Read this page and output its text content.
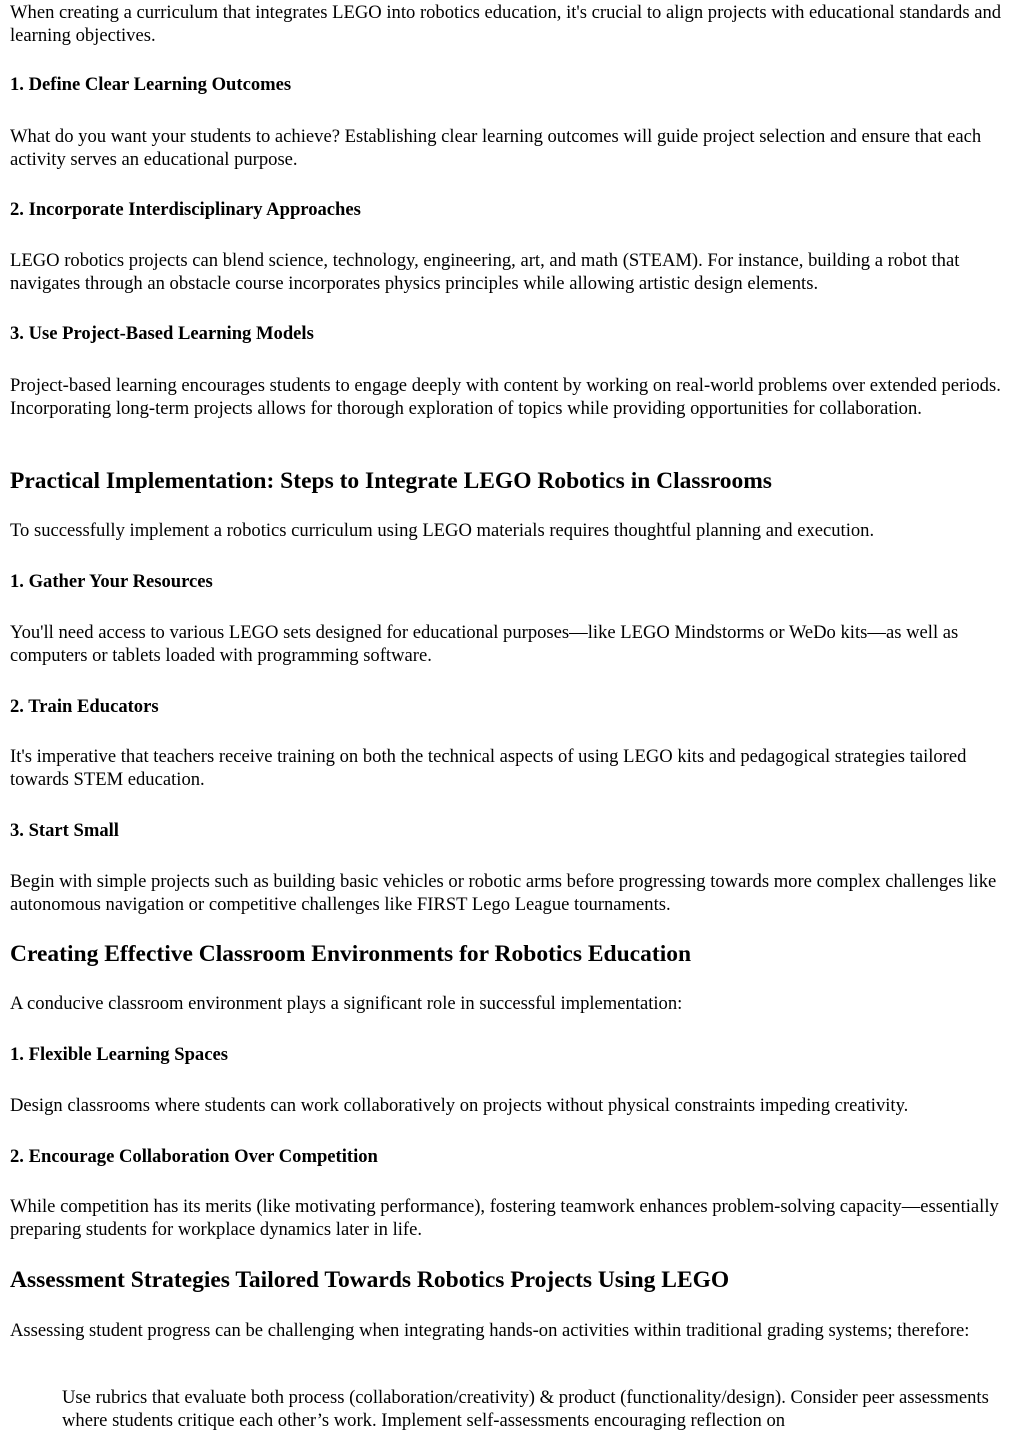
When creating a curriculum that integrates LEGO into robotics education, it's crucial to align projects with educational standards and learning objectives.

1. Define Clear Learning Outcomes

What do you want your students to achieve? Establishing clear learning outcomes will guide project selection and ensure that each activity serves an educational purpose.

2. Incorporate Interdisciplinary Approaches

LEGO robotics projects can blend science, technology, engineering, art, and math (STEAM). For instance, building a robot that navigates through an obstacle course incorporates physics principles while allowing artistic design elements.

3. Use Project-Based Learning Models

Project-based learning encourages students to engage deeply with content by working on real-world problems over extended periods. Incorporating long-term projects allows for thorough exploration of topics while providing opportunities for collaboration.

Practical Implementation: Steps to Integrate LEGO Robotics in Classrooms

To successfully implement a robotics curriculum using LEGO materials requires thoughtful planning and execution.

1. Gather Your Resources

You'll need access to various LEGO sets designed for educational purposes—like LEGO Mindstorms or WeDo kits—as well as computers or tablets loaded with programming software.

2. Train Educators

It's imperative that teachers receive training on both the technical aspects of using LEGO kits and pedagogical strategies tailored towards STEM education.

3. Start Small

Begin with simple projects such as building basic vehicles or robotic arms before progressing towards more complex challenges like autonomous navigation or competitive challenges like FIRST Lego League tournaments.

Creating Effective Classroom Environments for Robotics Education

A conducive classroom environment plays a significant role in successful implementation:

1. Flexible Learning Spaces

Design classrooms where students can work collaboratively on projects without physical constraints impeding creativity.

2. Encourage Collaboration Over Competition

While competition has its merits (like motivating performance), fostering teamwork enhances problem-solving capacity—essentially preparing students for workplace dynamics later in life.

Assessment Strategies Tailored Towards Robotics Projects Using LEGO

Assessing student progress can be challenging when integrating hands-on activities within traditional grading systems; therefore:

Use rubrics that evaluate both process (collaboration/creativity) & product (functionality/design). Consider peer assessments where students critique each other’s work. Implement self-assessments encouraging reflection on
